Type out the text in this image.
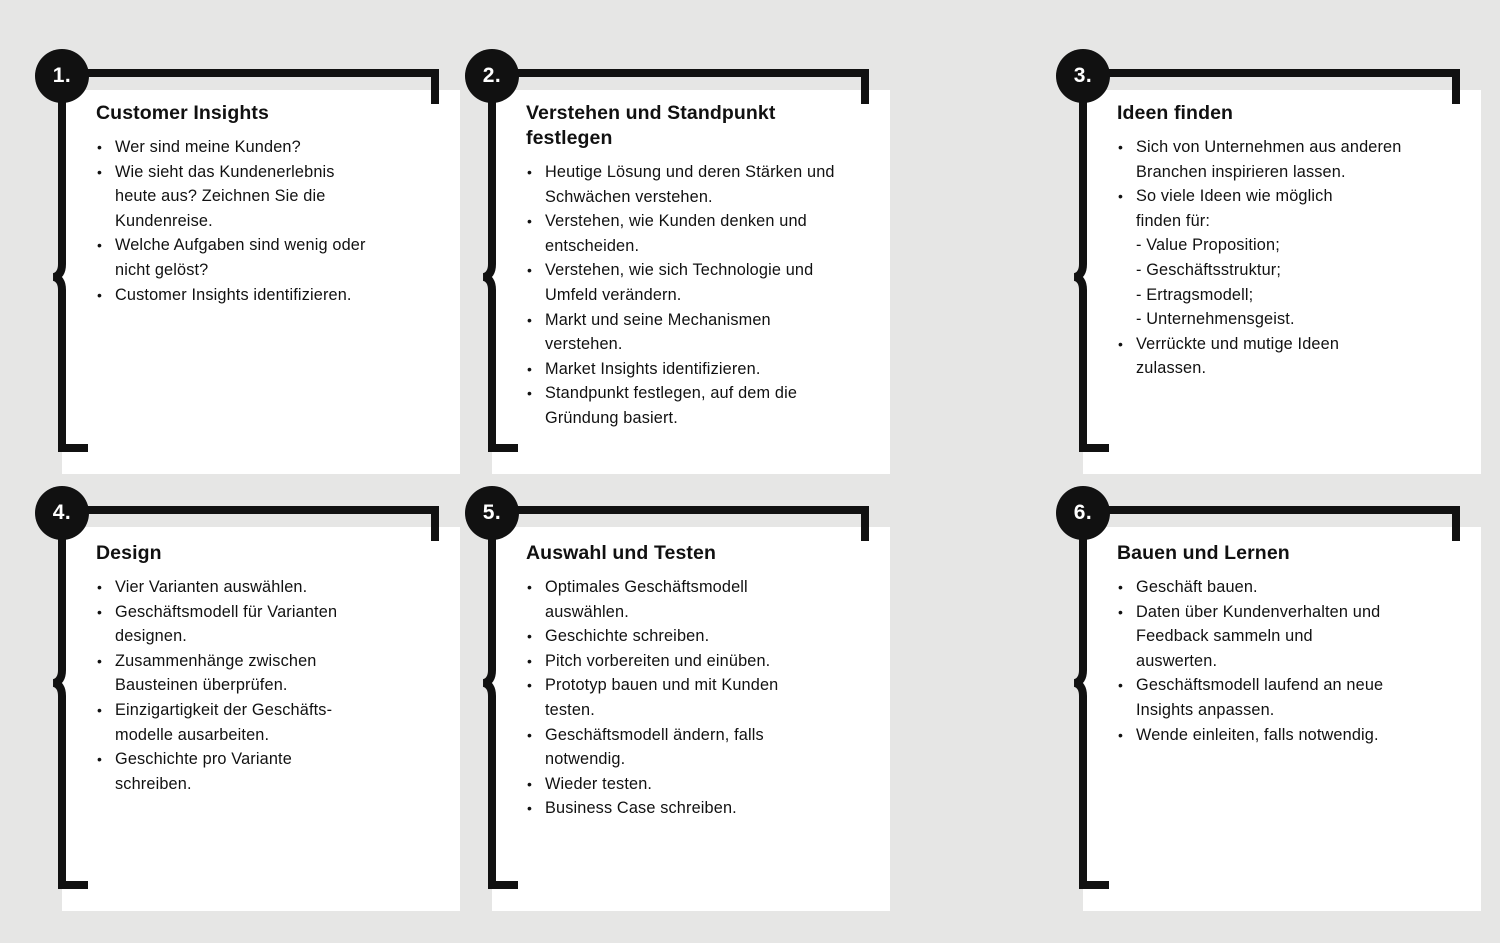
1.
Customer Insights
• Wer sind meine Kunden?
• Wie sieht das Kundenerlebnis heute aus? Zeichnen Sie die Kundenreise.
• Welche Aufgaben sind wenig oder nicht gelöst?
• Customer Insights identifizieren.
2.
Verstehen und Standpunkt festlegen
• Heutige Lösung und deren Stärken und Schwächen verstehen.
• Verstehen, wie Kunden denken und entscheiden.
• Verstehen, wie sich Technologie und Umfeld verändern.
• Markt und seine Mechanismen verstehen.
• Market Insights identifizieren.
• Standpunkt festlegen, auf dem die Gründung basiert.
3.
Ideen finden
• Sich von Unternehmen aus anderen Branchen inspirieren lassen.
• So viele Ideen wie möglich finden für:
- Value Proposition;
- Geschäftsstruktur;
- Ertragsmodell;
- Unternehmensgeist.
• Verrückte und mutige Ideen zulassen.
4.
Design
• Vier Varianten auswählen.
• Geschäftsmodell für Varianten designen.
• Zusammenhänge zwischen Bausteinen überprüfen.
• Einzigartigkeit der Geschäfts-modelle ausarbeiten.
• Geschichte pro Variante schreiben.
5.
Auswahl und Testen
• Optimales Geschäftsmodell auswählen.
• Geschichte schreiben.
• Pitch vorbereiten und einüben.
• Prototyp bauen und mit Kunden testen.
• Geschäftsmodell ändern, falls notwendig.
• Wieder testen.
• Business Case schreiben.
6.
Bauen und Lernen
• Geschäft bauen.
• Daten über Kundenverhalten und Feedback sammeln und auswerten.
• Geschäftsmodell laufend an neue Insights anpassen.
• Wende einleiten, falls notwendig.
